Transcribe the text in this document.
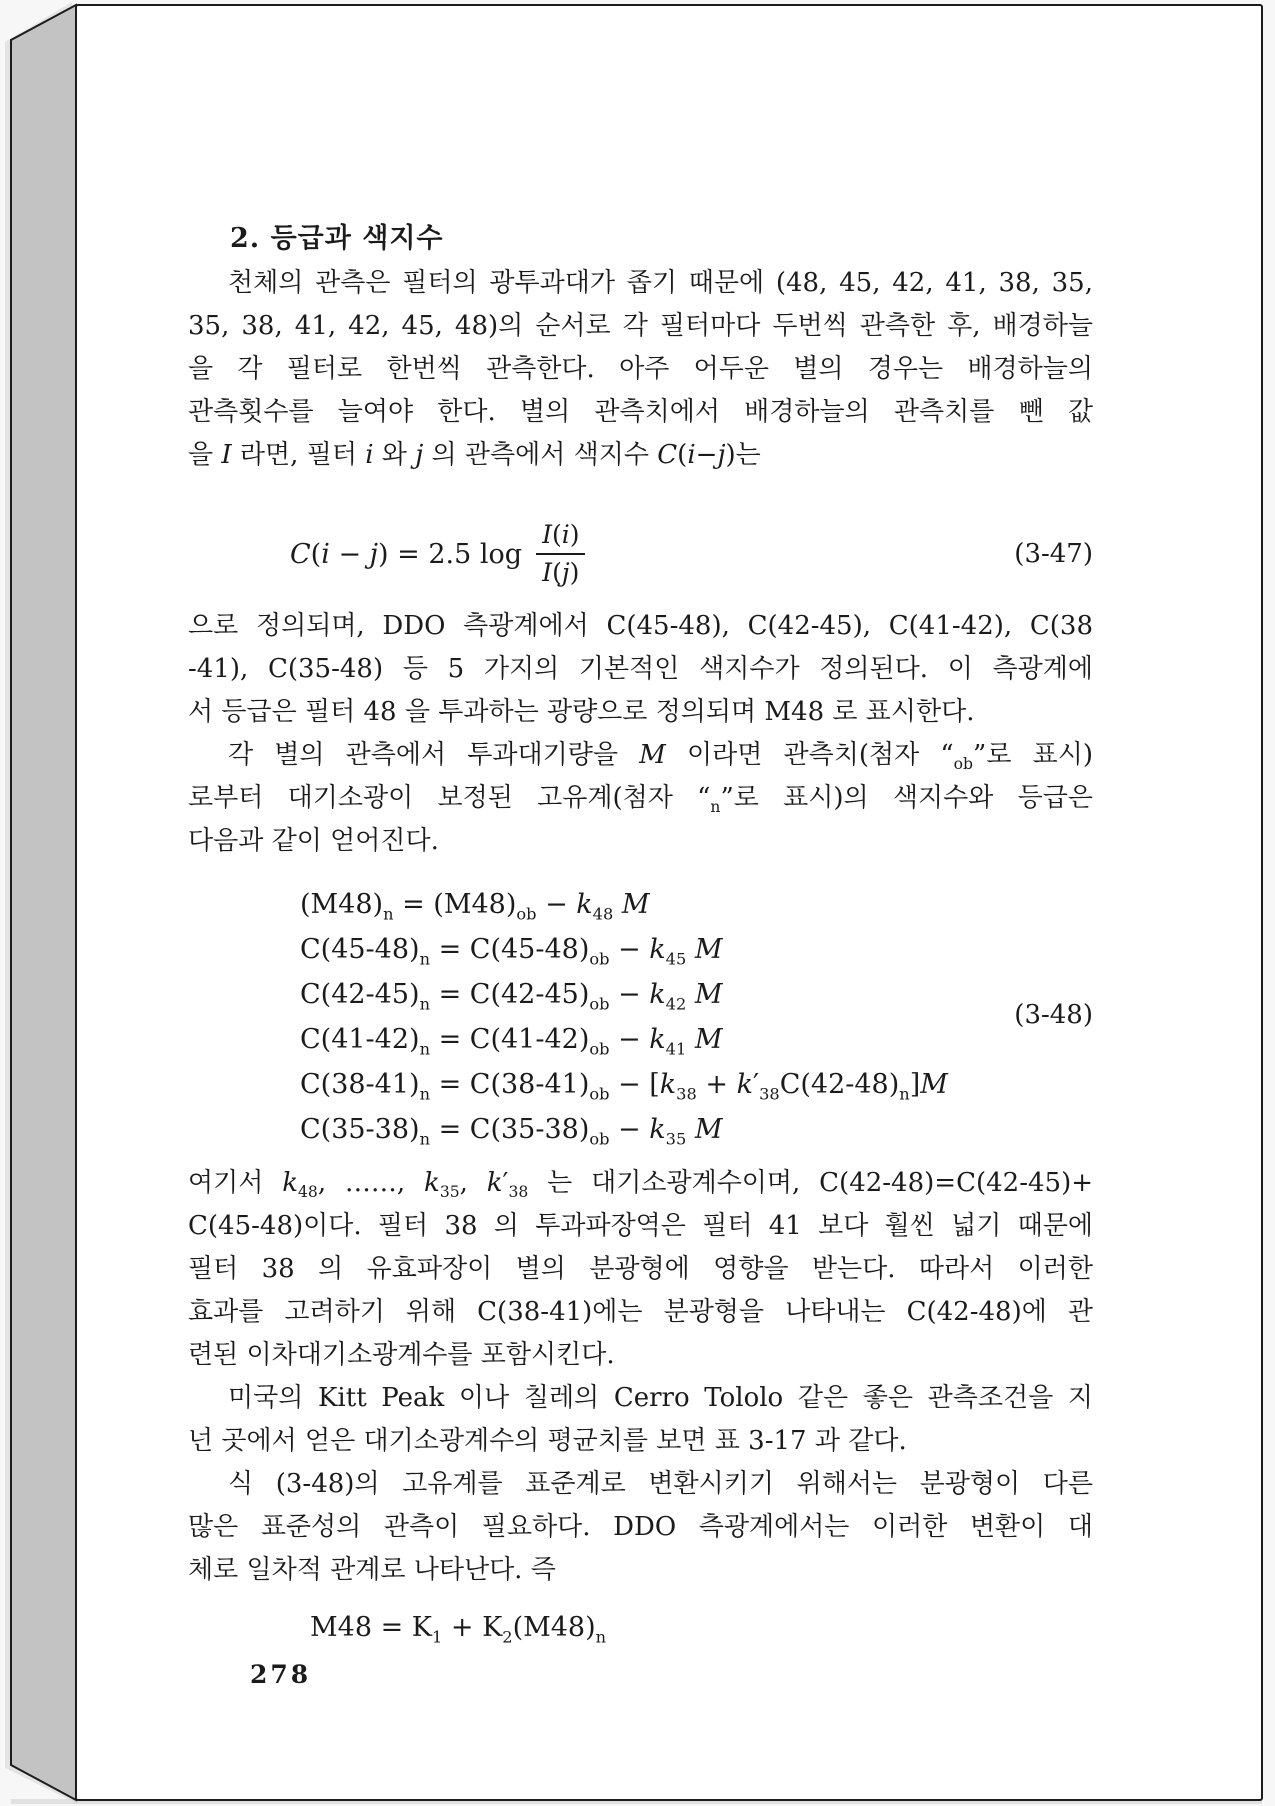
2. 등급과 색지수
천체의 관측은 필터의 광투과대가 좁기 때문에 (48, 45, 42, 41, 38, 35,
35, 38, 41, 42, 45, 48)의 순서로 각 필터마다 두번씩 관측한 후, 배경하늘
을 각 필터로 한번씩 관측한다. 아주 어두운 별의 경우는 배경하늘의
관측횟수를 늘여야 한다. 별의 관측치에서 배경하늘의 관측치를 뺀 값
을 I 라면, 필터 i 와 j 의 관측에서 색지수 C(i−j)는
C(i − j) = 2.5 $\log \frac{I(i)}{I(j)}$	(3-47)
으로 정의되며, DDO 측광계에서 C(45-48), C(42-45), C(41-42), C(38
-41), C(35-48) 등 5 가지의 기본적인 색지수가 정의된다. 이 측광계에
서 등급은 필터 48 을 투과하는 광량으로 정의되며 M48 로 표시한다.
각 별의 관측에서 투과대기량을 M 이라면 관측치(첨자 “$_{ob}$”로 표시)
로부터 대기소광이 보정된 고유계(첨자 “$_n$”로 표시)의 색지수와 등급은
다음과 같이 얻어진다.
$(M48)_n = (M48)_{ob} - k_{48}$ M
$C(45-48)_n = C(45-48)_{ob} - k_{45}$ M
$C(42-45)_n = C(42-45)_{ob} - k_{42}$ M
$C(41-42)_n = C(41-42)_{ob} - k_{41}$ M
$C(38-41)_n = C(38-41)_{ob} - [k_{38} + k'_{38}C(42-48)_n]M$
$C(35-38)_n = C(35-38)_{ob} - k_{35}$ M
(3-48)
여기서 $k_{48}$, ……, $k_{35}$, $k'_{38}$ 는 대기소광계수이며, C(42-48)=C(42-45)+
C(45-48)이다. 필터 38 의 투과파장역은 필터 41 보다 훨씬 넓기 때문에
필터 38 의 유효파장이 별의 분광형에 영향을 받는다. 따라서 이러한
효과를 고려하기 위해 C(38-41)에는 분광형을 나타내는 C(42-48)에 관
련된 이차대기소광계수를 포함시킨다.
미국의 Kitt Peak 이나 칠레의 Cerro Tololo 같은 좋은 관측조건을 지
넌 곳에서 얻은 대기소광계수의 평균치를 보면 표 3-17 과 같다.
식 (3-48)의 고유계를 표준계로 변환시키기 위해서는 분광형이 다른
많은 표준성의 관측이 필요하다. DDO 측광계에서는 이러한 변환이 대
체로 일차적 관계로 나타난다. 즉
$M48 = K_1 + K_2(M48)_n$
278
